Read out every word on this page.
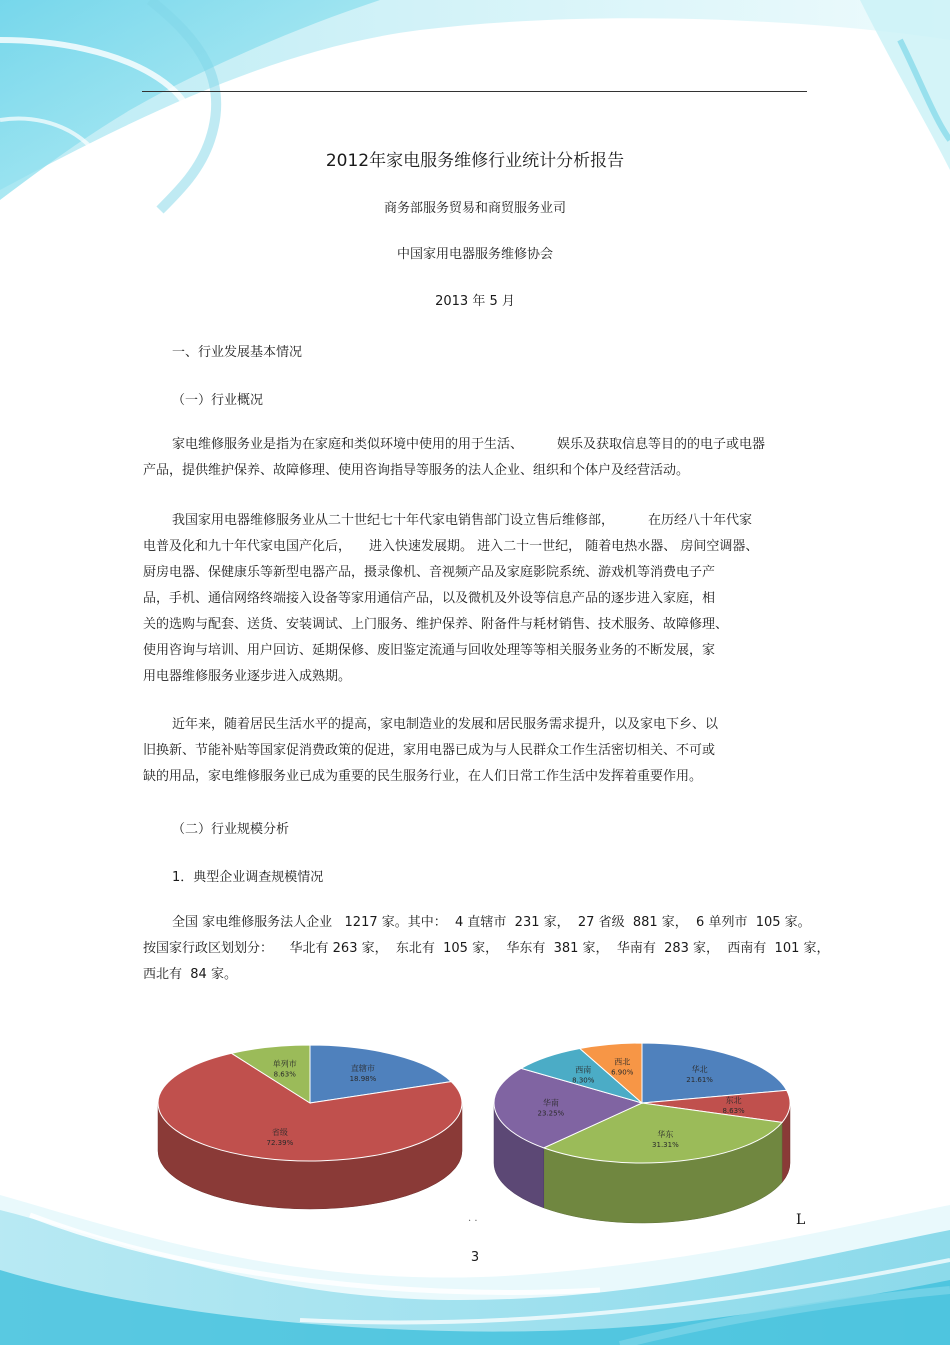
2012年家电服务维修行业统计分析报告
商务部服务贸易和商贸服务业司
中国家用电器服务维修协会
2013 年 5 月
一、行业发展基本情况
（一）行业概况
家电维修服务业是指为在家庭和类似环境中使用的用于生活、	娱乐及获取信息等目的的电子或电器
产品，提供维护保养、故障修理、使用咨询指导等服务的法人企业、组织和个体户及经营活动。
我国家用电器维修服务业从二十世纪七十年代家电销售部门设立售后维修部，	在历经八十年代家
电普及化和九十年代家电国产化后， 进入快速发展期。 进入二十一世纪， 随着电热水器、 房间空调器、
厨房电器、保健康乐等新型电器产品，摄录像机、音视频产品及家庭影院系统、游戏机等消费电子产
品，手机、通信网络终端接入设备等家用通信产品，以及微机及外设等信息产品的逐步进入家庭，相
关的选购与配套、送货、安装调试、上门服务、维护保养、附备件与耗材销售、技术服务、故障修理、
使用咨询与培训、用户回访、延期保修、废旧鉴定流通与回收处理等等相关服务业务的不断发展，家
用电器维修服务业逐步进入成熟期。
近年来，随着居民生活水平的提高，家电制造业的发展和居民服务需求提升，以及家电下乡、以
旧换新、节能补贴等国家促消费政策的促进，家用电器已成为与人民群众工作生活密切相关、不可或
缺的用品，家电维修服务业已成为重要的民生服务行业，在人们日常工作生活中发挥着重要作用。
（二）行业规模分析
1．典型企业调查规模情况
全国 家电维修服务法人企业   1217 家。其中：  4 直辖市  231 家，  27 省级  881 家，  6 单列市  105 家。
按国家行政区划划分：    华北有 263 家，  东北有  105 家，  华东有  381 家，  华南有  283 家，  西南有  101 家，
西北有  84 家。
直辖市
18.98%
省级
72.39%
单列市
8.63%
华北
21.61%
东北
8.63%
华东
31.31%
华南
23.25%
西南
8.30%
西北
6.90%
· ·	L
3
